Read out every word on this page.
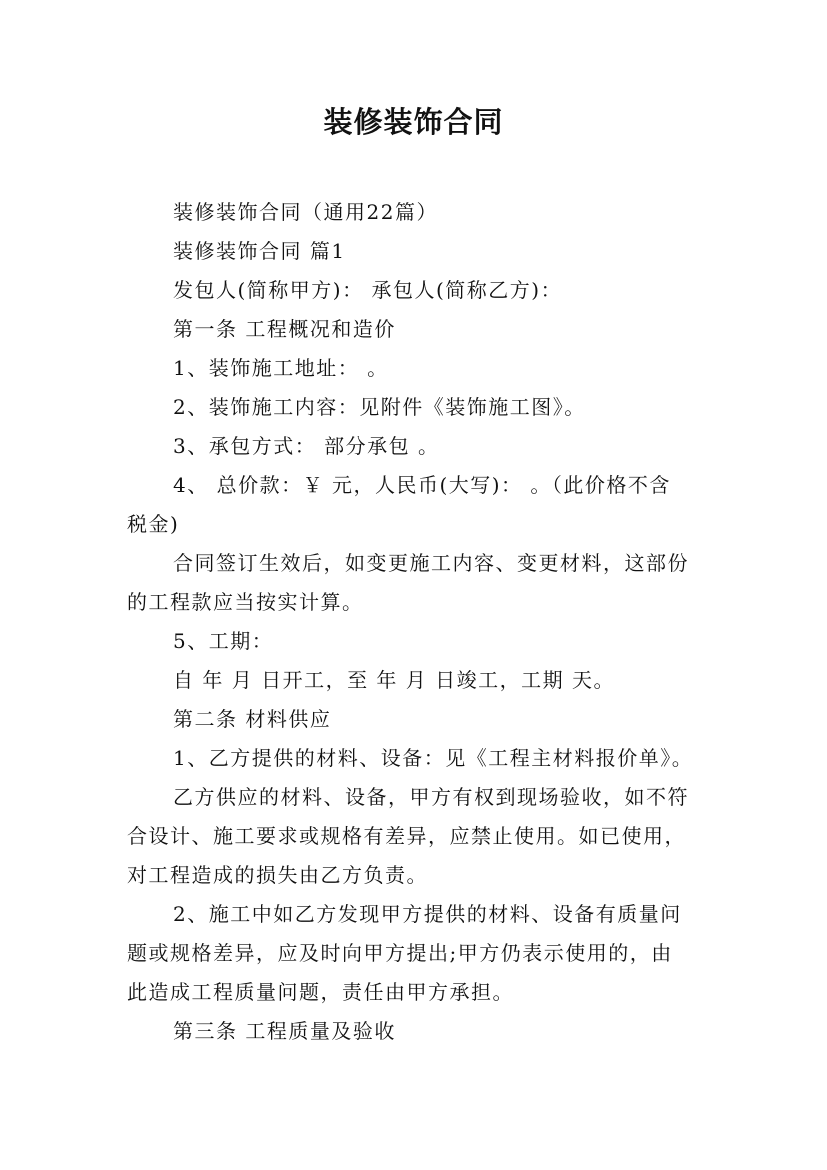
装修装饰合同
装修装饰合同（通用22篇）
装修装饰合同 篇1
发包人(简称甲方)： 承包人(简称乙方)：
第一条 工程概况和造价
1、装饰施工地址： 。
2、装饰施工内容：见附件《装饰施工图》。
3、承包方式： 部分承包 。
4、 总价款：￥ 元，人民币(大写)： 。（此价格不含
税金)
合同签订生效后，如变更施工内容、变更材料，这部份
的工程款应当按实计算。
5、工期：
自 年 月 日开工，至 年 月 日竣工，工期 天。
第二条 材料供应
1、乙方提供的材料、设备：见《工程主材料报价单》。
乙方供应的材料、设备，甲方有权到现场验收，如不符
合设计、施工要求或规格有差异，应禁止使用。如已使用，
对工程造成的损失由乙方负责。
2、施工中如乙方发现甲方提供的材料、设备有质量问
题或规格差异，应及时向甲方提出;甲方仍表示使用的，由
此造成工程质量问题，责任由甲方承担。
第三条 工程质量及验收
